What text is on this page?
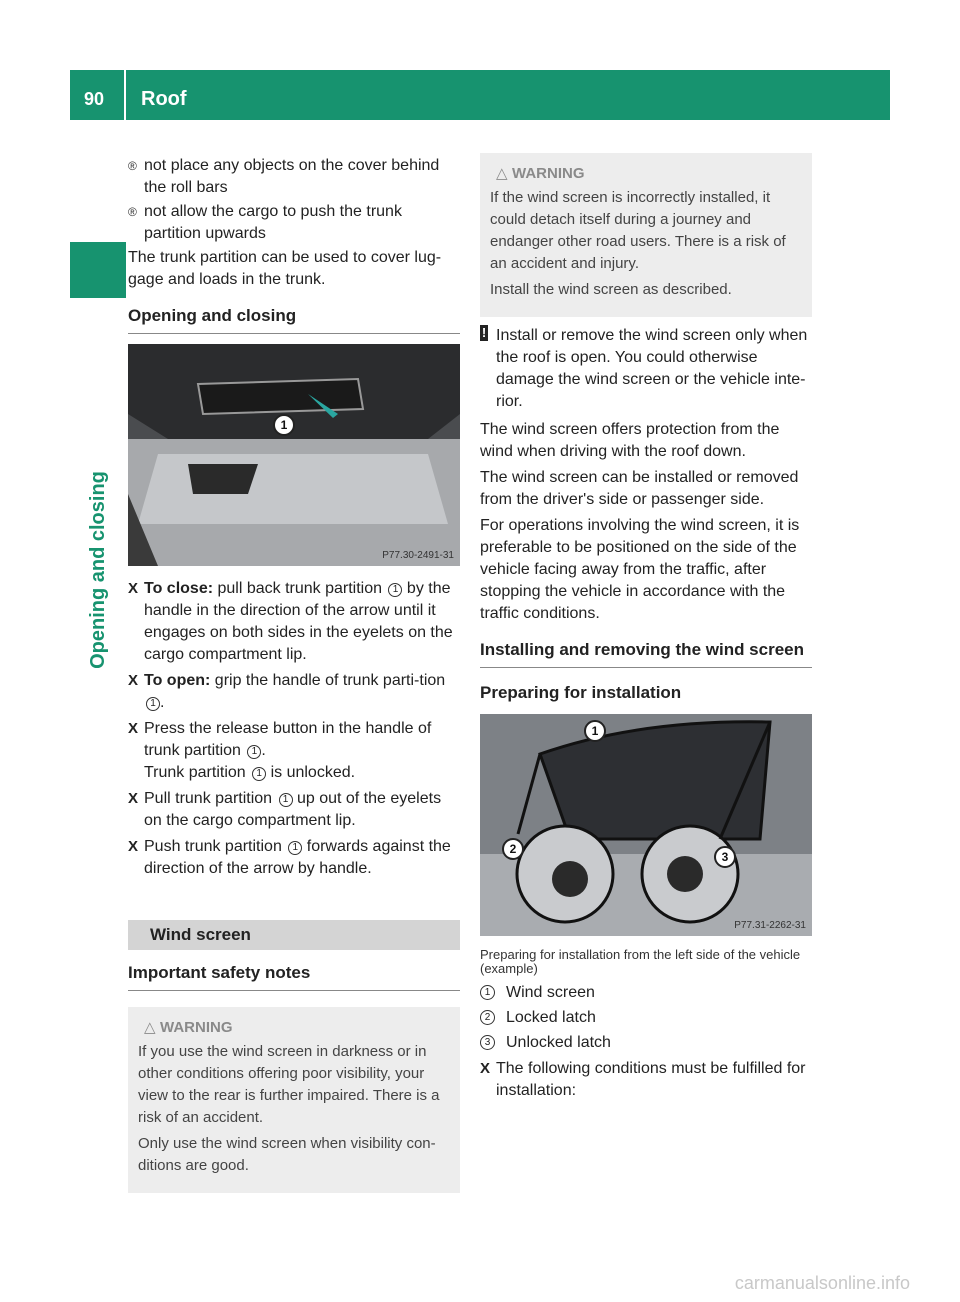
90 Roof
Opening and closing
® not place any objects on the cover behind the roll bars
® not allow the cargo to push the trunk partition upwards

The trunk partition can be used to cover lug-gage and loads in the trunk.

Opening and closing
1
P77.30-2491-31
X To close: pull back trunk partition 1 by the handle in the direction of the arrow until it engages on both sides in the eyelets on the cargo compartment lip.
X To open: grip the handle of trunk parti-tion 1 .
X Press the release button in the handle of trunk partition 1 .
Trunk partition 1 is unlocked.
X Pull trunk partition 1 up out of the eyelets on the cargo compartment lip.
X Push trunk partition 1 forwards against the direction of the arrow by handle.
Wind screen
Important safety notes
△ WARNING

If you use the wind screen in darkness or in other conditions offering poor visibility, your view to the rear is further impaired. There is a risk of an accident.

Only use the wind screen when visibility con-ditions are good.

△ WARNING

If the wind screen is incorrectly installed, it could detach itself during a journey and endanger other road users. There is a risk of an accident and injury.

Install the wind screen as described.

! Install or remove the wind screen only when the roof is open. You could otherwise damage the wind screen or the vehicle inte-rior.

The wind screen offers protection from the wind when driving with the roof down.

The wind screen can be installed or removed from the driver's side or passenger side.

For operations involving the wind screen, it is preferable to be positioned on the side of the vehicle facing away from the traffic, after stopping the vehicle in accordance with the traffic conditions.

Installing and removing the wind screen
Preparing for installation
1
2
3
P77.31-2262-31
Preparing for installation from the left side of the vehicle (example)
1 Wind screen
2 Locked latch
3 Unlocked latch
X The following conditions must be fulfilled for installation:
carmanualsonline.info
